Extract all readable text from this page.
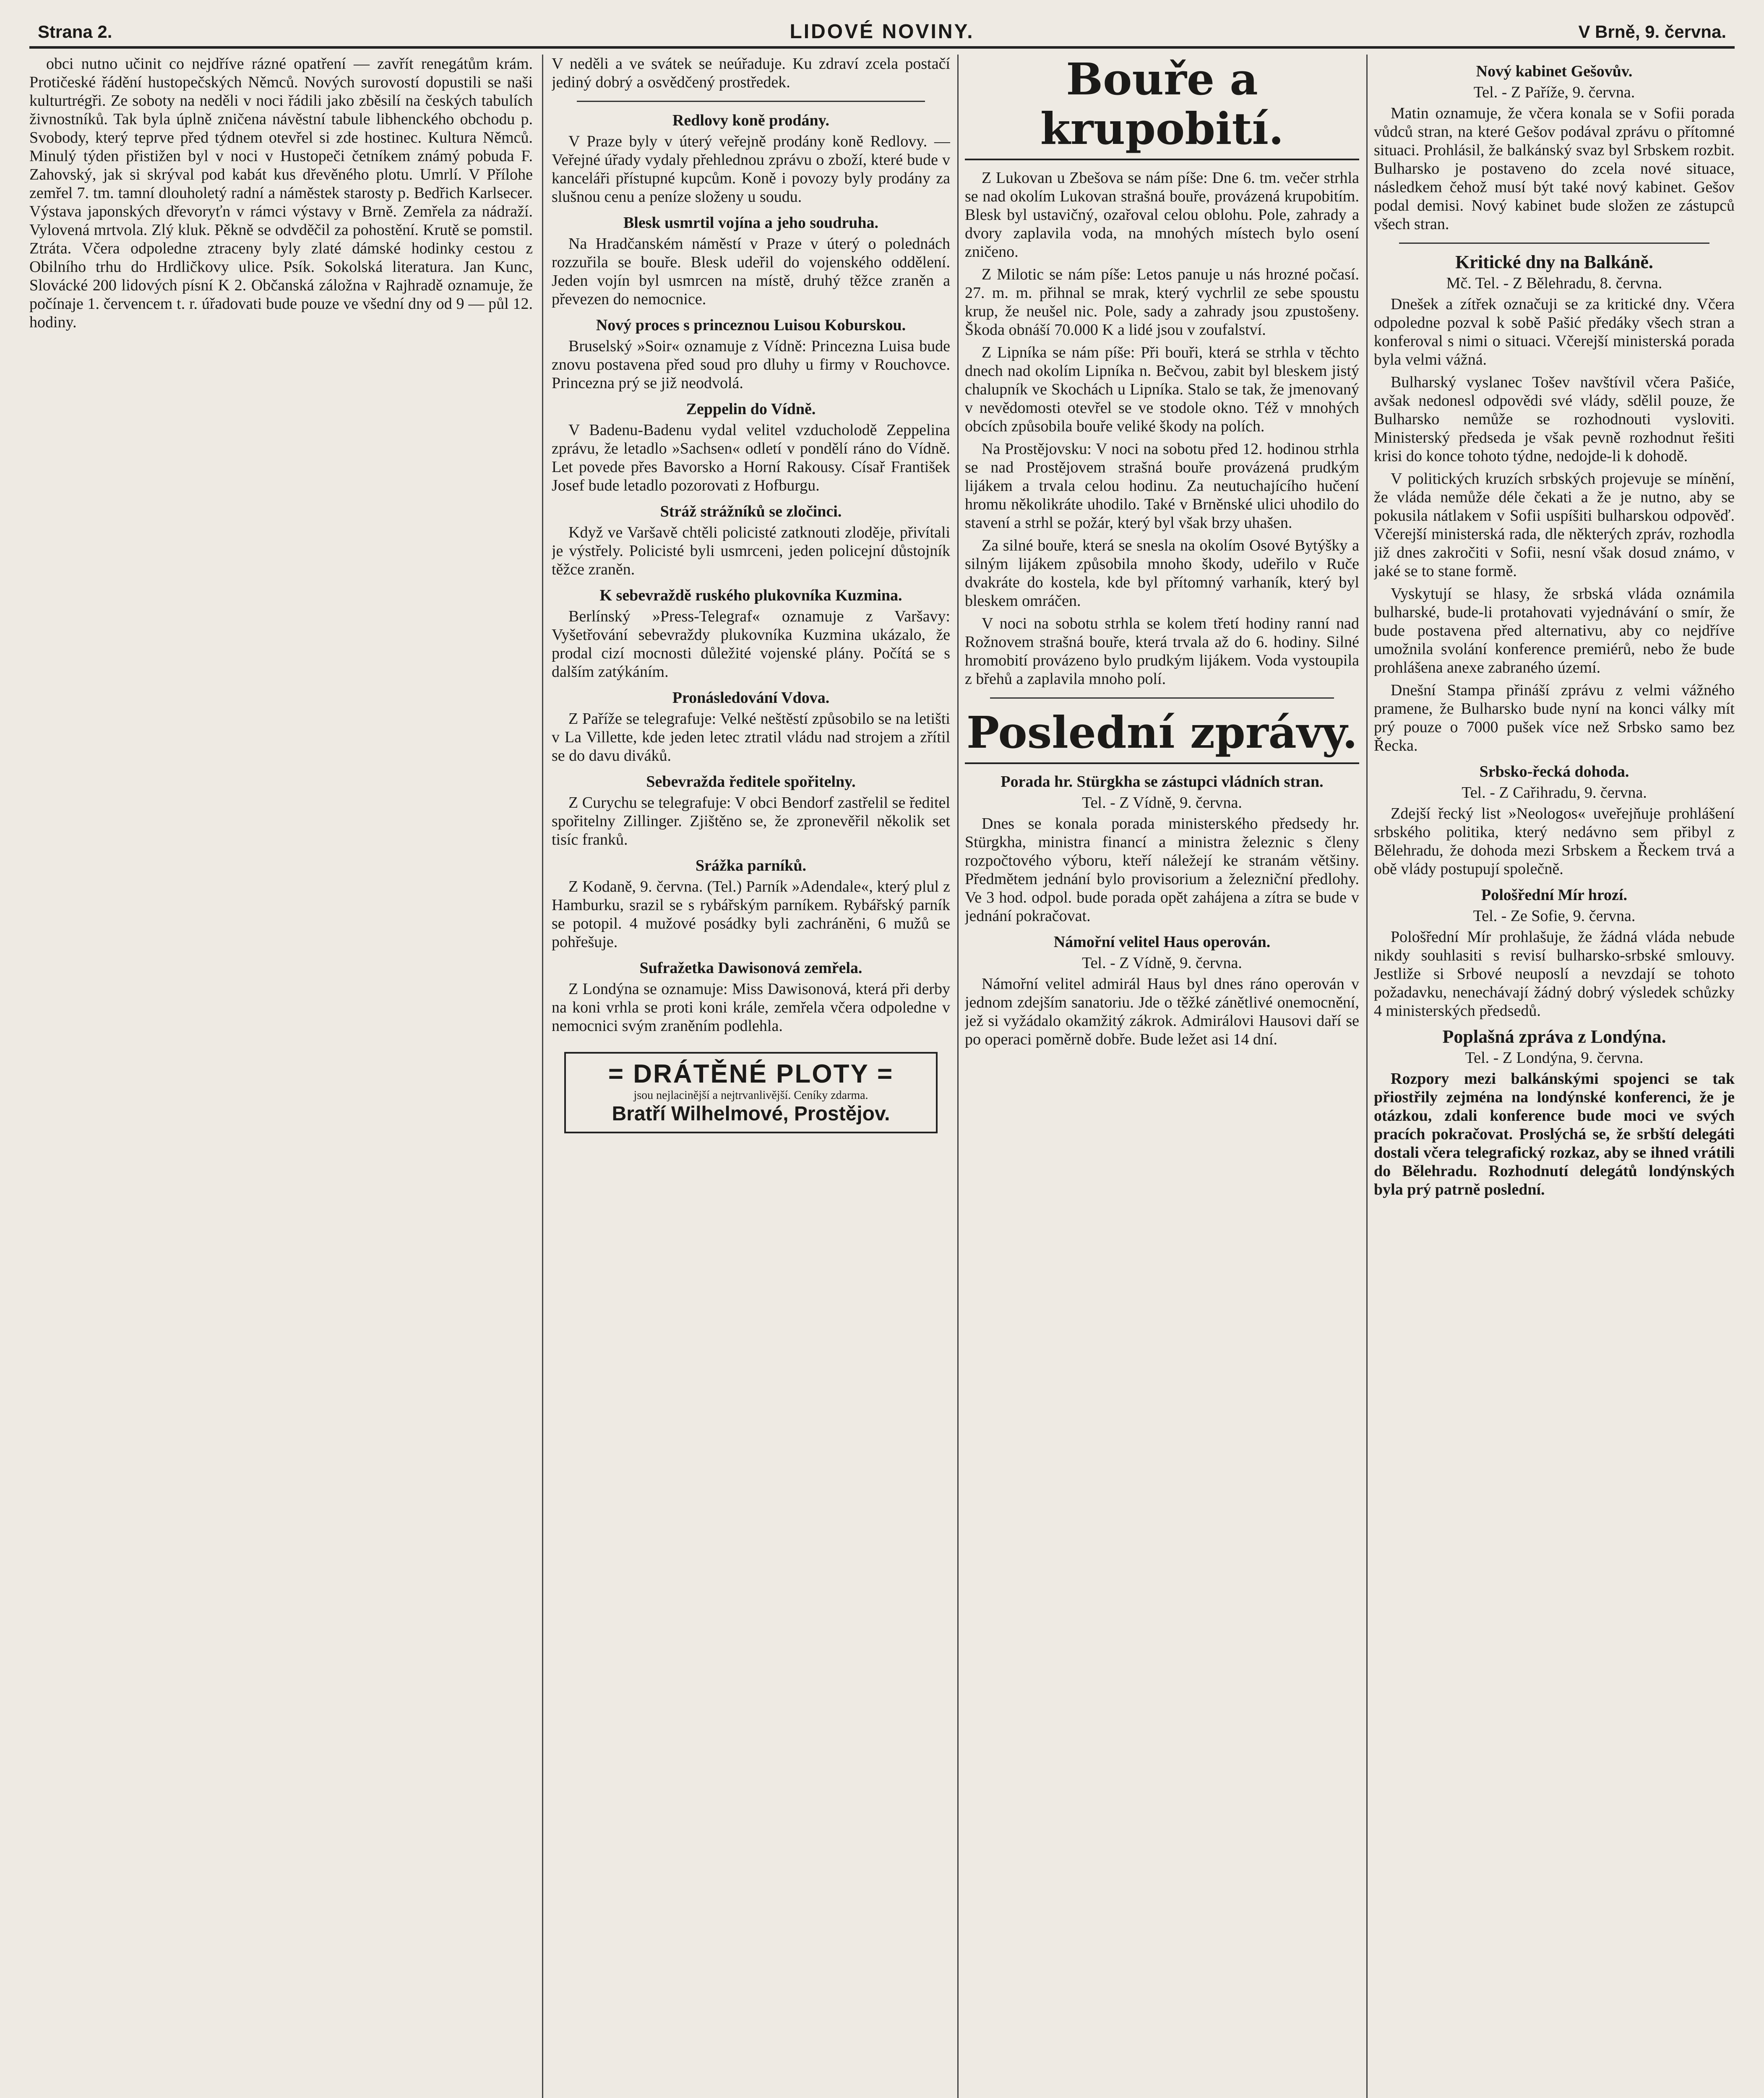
Strana 2.	LIDOVÉ NOVINY.	V Brně, 9. června.

obci nutno učinit co nejdříve rázné opatření — zavřít renegátům krám. Protičeské řádění hustopečských Němců. Nových surovostí dopustili se naši kulturtrégři. Ze soboty na neděli v noci řádili jako zběsilí na českých tabulích živnostníků. Tak byla úplně zničena návěstní tabule libhenckého obchodu p. Svobody, který teprve před týdnem otevřel si zde hostinec. Kultura Němců. Minulý týden přistižen byl v noci v Hustopeči četníkem známý pobuda F. Zahovský, jak si skrýval pod kabát kus dřevěného plotu. Umrlí. V Přílohe zemřel 7. tm. tamní dlouholetý radní a náměstek starosty p. Bedřich Karlsecer. Výstava japonských dřevoryťn v rámci výstavy v Brně. Zemřela za nádraží. Vylovená mrtvola. Zlý kluk. Pěkně se odvděčil za pohostění. Krutě se pomstil. Ztráta. Včera odpoledne ztraceny byly zlaté dámské hodinky cestou z Obilního trhu do Hrdličkovy ulice. Psík. Sokolská literatura. Jan Kunc, Slovácké 200 lidových písní K 2. Občanská záložna v Rajhradě oznamuje, že počínaje 1. červencem t. r. úřadovati bude pouze ve všední dny od 9 — půl 12. hodiny.

V neděli a ve svátek se neúřaduje. Ku zdraví zcela postačí jediný dobrý a osvědčený prostředek.

Redlovy koně prodány.

V Praze byly v úterý veřejně prodány koně Redlovy. — Veřejné úřady vydaly přehlednou zprávu o zboží, které bude v kanceláři přístupné kupcům. Koně i povozy byly prodány za slušnou cenu a peníze složeny u soudu.

Blesk usmrtil vojína a jeho soudruha.

Na Hradčanském náměstí v Praze v úterý o polednách rozzuřila se bouře. Blesk udeřil do vojenského oddělení. Jeden vojín byl usmrcen na místě, druhý těžce zraněn a převezen do nemocnice.

Nový proces s princeznou Luisou Koburskou.

Bruselský »Soir« oznamuje z Vídně: Princezna Luisa bude znovu postavena před soud pro dluhy u firmy v Rouchovce. Princezna prý se již neodvolá.

Zeppelin do Vídně.

V Badenu-Badenu vydal velitel vzducholodě Zeppelina zprávu, že letadlo »Sachsen« odletí v pondělí ráno do Vídně. Let povede přes Bavorsko a Horní Rakousy. Císař František Josef bude letadlo pozorovati z Hofburgu.

Stráž strážníků se zločinci.

Když ve Varšavě chtěli policisté zatknouti zloděje, přivítali je výstřely. Policisté byli usmrceni, jeden policejní důstojník těžce zraněn.

K sebevraždě ruského plukovníka Kuzmina.

Berlínský »Press-Telegraf« oznamuje z Varšavy: Vyšetřování sebevraždy plukovníka Kuzmina ukázalo, že prodal cizí mocnosti důležité vojenské plány. Počítá se s dalším zatýkáním.

Pronásledování Vdova.

Z Paříže se telegrafuje: Velké neštěstí způsobilo se na letišti v La Villette, kde jeden letec ztratil vládu nad strojem a zřítil se do davu diváků.

Sebevražda ředitele spořitelny.

Z Curychu se telegrafuje: V obci Bendorf zastřelil se ředitel spořitelny Zillinger. Zjištěno se, že zpronevěřil několik set tisíc franků.

Srážka parníků.

Z Kodaně, 9. června. (Tel.) Parník »Adendale«, který plul z Hamburku, srazil se s rybářským parníkem. Rybářský parník se potopil. 4 mužové posádky byli zachráněni, 6 mužů se pohřešuje.

Sufražetka Dawisonová zemřela.

Z Londýna se oznamuje: Miss Dawisonová, která při derby na koni vrhla se proti koni krále, zemřela včera odpoledne v nemocnici svým zraněním podlehla.

= DRÁTĚNÉ PLOTY =
jsou nejlacinější a nejtrvanlivější. Ceníky zdarma.
Bratří Wilhelmové, Prostějov.
Bouře a krupobití.

Z Lukovan u Zbešova se nám píše: Dne 6. tm. večer strhla se nad okolím Lukovan strašná bouře, provázená krupobitím. Blesk byl ustavičný, ozařoval celou oblohu. Pole, zahrady a dvory zaplavila voda, na mnohých místech bylo osení zničeno.

Z Milotic se nám píše: Letos panuje u nás hrozné počasí. 27. m. m. přihnal se mrak, který vychrlil ze sebe spoustu krup, že neušel nic. Pole, sady a zahrady jsou zpustošeny. Škoda obnáší 70.000 K a lidé jsou v zoufalství.

Z Lipníka se nám píše: Při bouři, která se strhla v těchto dnech nad okolím Lipníka n. Bečvou, zabit byl bleskem jistý chalupník ve Skochách u Lipníka. Stalo se tak, že jmenovaný v nevědomosti otevřel se ve stodole okno. Též v mnohých obcích způsobila bouře veliké škody na polích.

Na Prostějovsku: V noci na sobotu před 12. hodinou strhla se nad Prostějovem strašná bouře provázená prudkým lijákem a trvala celou hodinu. Za neutuchajícího hučení hromu několikráte uhodilo. Také v Brněnské ulici uhodilo do stavení a strhl se požár, který byl však brzy uhašen.

Za silné bouře, která se snesla na okolím Osové Bytýšky a silným lijákem způsobila mnoho škody, udeřilo v Ruče dvakráte do kostela, kde byl přítomný varhaník, který byl bleskem omráčen.

V noci na sobotu strhla se kolem třetí hodiny ranní nad Rožnovem strašná bouře, která trvala až do 6. hodiny. Silné hromobití provázeno bylo prudkým lijákem. Voda vystoupila z břehů a zaplavila mnoho polí.

Poslední zprávy.
Porada hr. Stürgkha se zástupci vládních stran.
Tel. - Z Vídně, 9. června.

Dnes se konala porada ministerského předsedy hr. Stürgkha, ministra financí a ministra železnic s členy rozpočtového výboru, kteří náležejí ke stranám většiny. Předmětem jednání bylo provisorium a železniční předlohy. Ve 3 hod. odpol. bude porada opět zahájena a zítra se bude v jednání pokračovat.

Námořní velitel Haus operován.
Tel. - Z Vídně, 9. června.

Námořní velitel admirál Haus byl dnes ráno operován v jednom zdejším sanatoriu. Jde o těžké zánětlivé onemocnění, jež si vyžádalo okamžitý zákrok. Admirálovi Hausovi daří se po operaci poměrně dobře. Bude ležet asi 14 dní.

Nový kabinet Gešovův.
Tel. - Z Paříže, 9. června.

Matin oznamuje, že včera konala se v Sofii porada vůdců stran, na které Gešov podával zprávu o přítomné situaci. Prohlásil, že balkánský svaz byl Srbskem rozbit. Bulharsko je postaveno do zcela nové situace, následkem čehož musí být také nový kabinet. Gešov podal demisi. Nový kabinet bude složen ze zástupců všech stran.

Kritické dny na Balkáně.
Mč. Tel. - Z Bělehradu, 8. června.

Dnešek a zítřek označuji se za kritické dny. Včera odpoledne pozval k sobě Pašić předáky všech stran a konferoval s nimi o situaci. Včerejší ministerská porada byla velmi vážná.

Bulharský vyslanec Tošev navštívil včera Pašiće, avšak nedonesl odpovědi své vlády, sdělil pouze, že Bulharsko nemůže se rozhodnouti vysloviti. Ministerský předseda je však pevně rozhodnut řešiti krisi do konce tohoto týdne, nedojde-li k dohodě.

V politických kruzích srbských projevuje se mínění, že vláda nemůže déle čekati a že je nutno, aby se pokusila nátlakem v Sofii uspíšiti bulharskou odpověď. Včerejší ministerská rada, dle některých zpráv, rozhodla již dnes zakročiti v Sofii, nesní však dosud známo, v jaké se to stane formě.

Vyskytují se hlasy, že srbská vláda oznámila bulharské, bude-li protahovati vyjednávání o smír, že bude postavena před alternativu, aby co nejdříve umožnila svolání konference premiérů, nebo že bude prohlášena anexe zabraného území.

Dnešní Stampa přináší zprávu z velmi vážného pramene, že Bulharsko bude nyní na konci války mít prý pouze o 7000 pušek více než Srbsko samo bez Řecka.

Srbsko-řecká dohoda.
Tel. - Z Cařihradu, 9. června.

Zdejší řecký list »Neologos« uveřejňuje prohlášení srbského politika, který nedávno sem přibyl z Bělehradu, že dohoda mezi Srbskem a Řeckem trvá a obě vlády postupují společně.

Pološřední Mír hrozí.
Tel. - Ze Sofie, 9. června.

Pološřední Mír prohlašuje, že žádná vláda nebude nikdy souhlasiti s revisí bulharsko-srbské smlouvy. Jestliže si Srbové neuposlí a nevzdají se tohoto požadavku, nenechávají žádný dobrý výsledek schůzky 4 ministerských předsedů.

Poplašná zpráva z Londýna.
Tel. - Z Londýna, 9. června.

Rozpory mezi balkánskými spojenci se tak přiostřily zejména na londýnské konferenci, že je otázkou, zdali konference bude moci ve svých pracích pokračovat. Proslýchá se, že srbští delegáti dostali včera telegrafický rozkaz, aby se ihned vrátili do Bělehradu. Rozhodnutí delegátů londýnských byla prý patrně poslední.
